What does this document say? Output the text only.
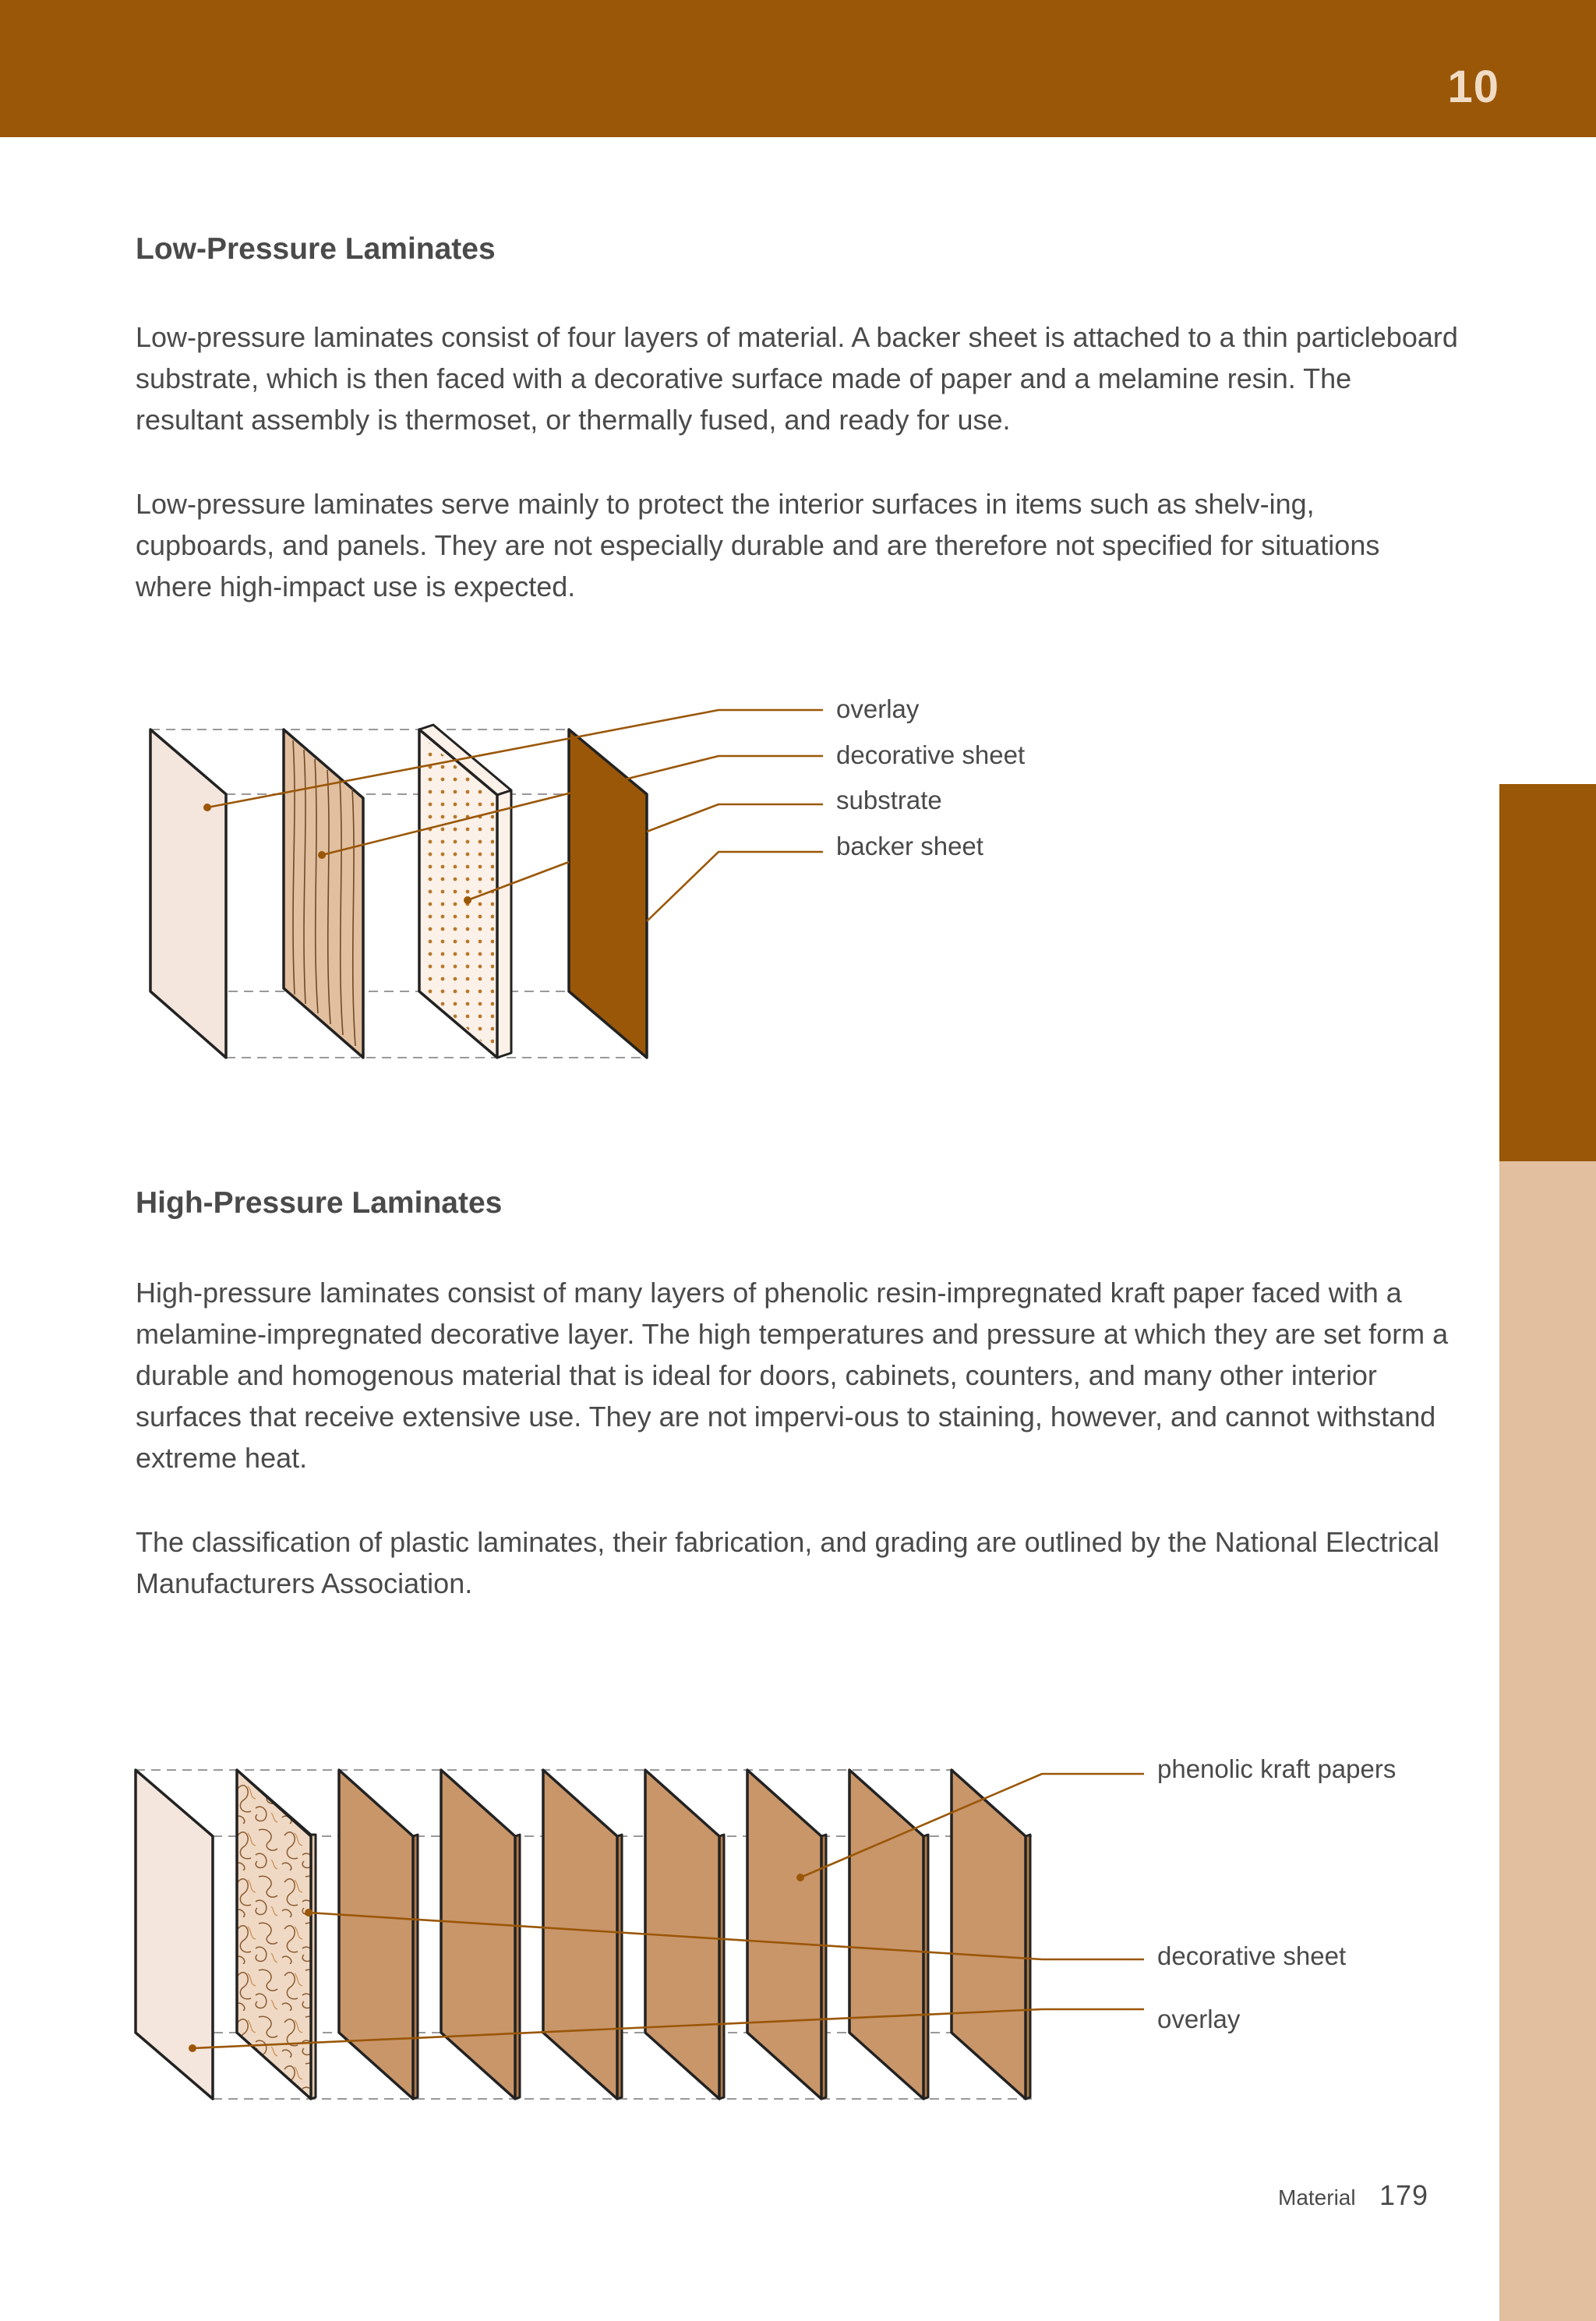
10
Low-Pressure Laminates

Low-pressure laminates consist of four layers of material. A backer sheet is attached to a thin particleboard substrate, which is then faced with a decorative surface made of paper and a melamine resin. The resultant assembly is thermoset, or thermally fused, and ready for use.

Low-pressure laminates serve mainly to protect the interior surfaces in items such as shelv-ing, cupboards, and panels. They are not especially durable and are therefore not specified for situations where high-impact use is expected.

overlay
decorative sheet
substrate
backer sheet
High-Pressure Laminates

High-pressure laminates consist of many layers of phenolic resin-impregnated kraft paper faced with a melamine-impregnated decorative layer. The high temperatures and pressure at which they are set form a durable and homogenous material that is ideal for doors, cabinets, counters, and many other interior surfaces that receive extensive use. They are not impervi-ous to staining, however, and cannot withstand extreme heat.

The classification of plastic laminates, their fabrication, and grading are outlined by the National Electrical Manufacturers Association.

phenolic kraft papers
decorative sheet
overlay
Material 179
